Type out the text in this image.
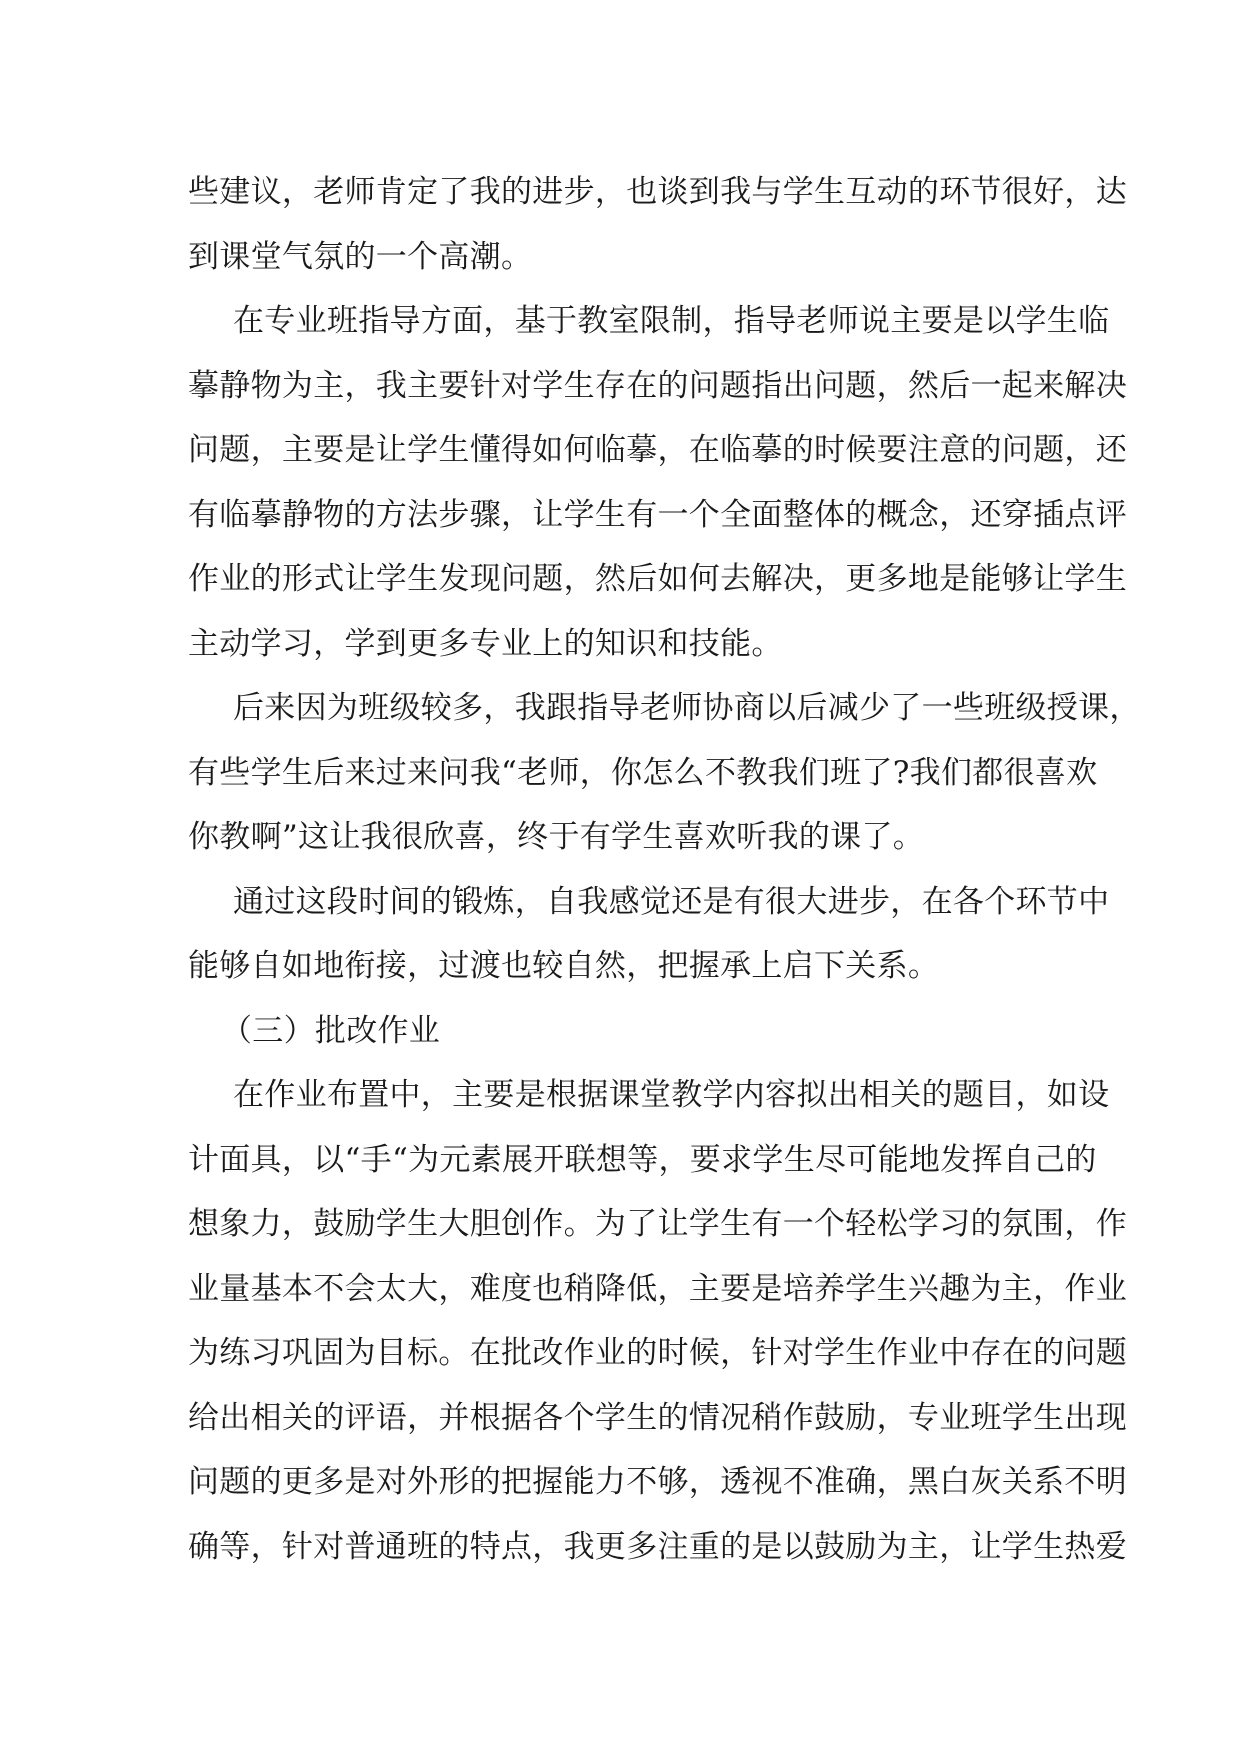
些建议，老师肯定了我的进步，也谈到我与学生互动的环节很好，达
到课堂气氛的一个高潮。
在专业班指导方面，基于教室限制，指导老师说主要是以学生临
摹静物为主，我主要针对学生存在的问题指出问题，然后一起来解决
问题，主要是让学生懂得如何临摹，在临摹的时候要注意的问题，还
有临摹静物的方法步骤，让学生有一个全面整体的概念，还穿插点评
作业的形式让学生发现问题，然后如何去解决，更多地是能够让学生
主动学习，学到更多专业上的知识和技能。
后来因为班级较多，我跟指导老师协商以后减少了一些班级授课，
有些学生后来过来问我“老师，你怎么不教我们班了?我们都很喜欢
你教啊”这让我很欣喜，终于有学生喜欢听我的课了。
通过这段时间的锻炼，自我感觉还是有很大进步，在各个环节中
能够自如地衔接，过渡也较自然，把握承上启下关系。
（三）批改作业
在作业布置中，主要是根据课堂教学内容拟出相关的题目，如设
计面具，以“手“为元素展开联想等，要求学生尽可能地发挥自己的
想象力，鼓励学生大胆创作。为了让学生有一个轻松学习的氛围，作
业量基本不会太大，难度也稍降低，主要是培养学生兴趣为主，作业
为练习巩固为目标。在批改作业的时候，针对学生作业中存在的问题
给出相关的评语，并根据各个学生的情况稍作鼓励，专业班学生出现
问题的更多是对外形的把握能力不够，透视不准确，黑白灰关系不明
确等，针对普通班的特点，我更多注重的是以鼓励为主，让学生热爱
